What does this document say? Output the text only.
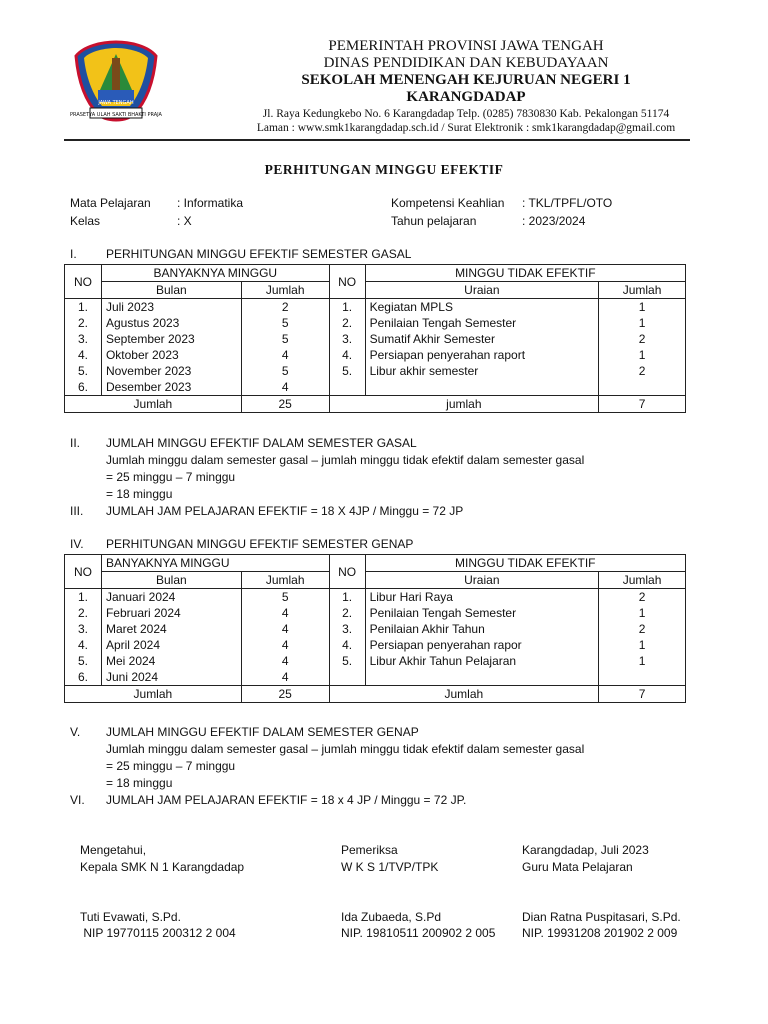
PRASETYA ULAH SAKTI BHAKTI PRAJA
JAWA TENGAH
PEMERINTAH PROVINSI JAWA TENGAH
DINAS PENDIDIKAN DAN KEBUDAYAAN
SEKOLAH MENENGAH KEJURUAN NEGERI 1
KARANGDADAP
Jl. Raya Kedungkebo No. 6 Karangdadap Telp. (0285) 7830830 Kab. Pekalongan 51174
Laman : www.smk1karangdadap.sch.id / Surat Elektronik : smk1karangdadap@gmail.com
PERHITUNGAN MINGGU EFEKTIF
Mata Pelajaran : Informatika
Kelas	: X
Kompetensi Keahlian : TKL/TPFL/OTO
Tahun pelajaran	: 2023/2024
I. PERHITUNGAN MINGGU EFEKTIF SEMESTER GASAL
NO	BANYAKNYA MINGGU		NO	MINGGU TIDAK EFEKTIF	
	Bulan	Jumlah		Uraian	Jumlah
1.	Juli 2023	2	1.	Kegiatan MPLS	1
2.	Agustus 2023	5	2.	Penilaian Tengah Semester	1
3.	September 2023	5	3.	Sumatif Akhir Semester	2
4.	Oktober 2023	4	4.	Persiapan penyerahan raport	1
5.	November 2023	5	5.	Libur akhir semester	2
6.	Desember 2023	4			
Jumlah		25	jumlah		7
II. JUMLAH MINGGU EFEKTIF DALAM SEMESTER GASAL
Jumlah minggu dalam semester gasal – jumlah minggu tidak efektif dalam semester gasal
= 25 minggu – 7 minggu
= 18 minggu
III. JUMLAH JAM PELAJARAN EFEKTIF = 18 X 4JP / Minggu = 72 JP
IV. PERHITUNGAN MINGGU EFEKTIF SEMESTER GENAP
NO	BANYAKNYA MINGGU		NO	MINGGU TIDAK EFEKTIF	
	Bulan	Jumlah		Uraian	Jumlah
1.	Januari 2024	5	1.	Libur Hari Raya	2
2.	Februari 2024	4	2.	Penilaian Tengah Semester	1
3.	Maret 2024	4	3.	Penilaian Akhir Tahun	2
4.	April 2024	4	4.	Persiapan penyerahan rapor	1
5.	Mei 2024	4	5.	Libur Akhir Tahun Pelajaran	1
6.	Juni 2024	4			
Jumlah		25	Jumlah		7
V. JUMLAH MINGGU EFEKTIF DALAM SEMESTER GENAP
Jumlah minggu dalam semester gasal – jumlah minggu tidak efektif dalam semester gasal
= 25 minggu – 7 minggu
= 18 minggu
VI. JUMLAH JAM PELAJARAN EFEKTIF = 18 x 4 JP / Minggu = 72 JP.
Mengetahui,
Kepala SMK N 1 Karangdadap
Tuti Evawati, S.Pd.
NIP 19770115 200312 2 004
Pemeriksa
W K S 1/TVP/TPK
Ida Zubaeda, S.Pd
NIP. 19810511 200902 2 005
Karangdadap, Juli 2023
Guru Mata Pelajaran
Dian Ratna Puspitasari, S.Pd.
NIP. 19931208 201902 2 009
